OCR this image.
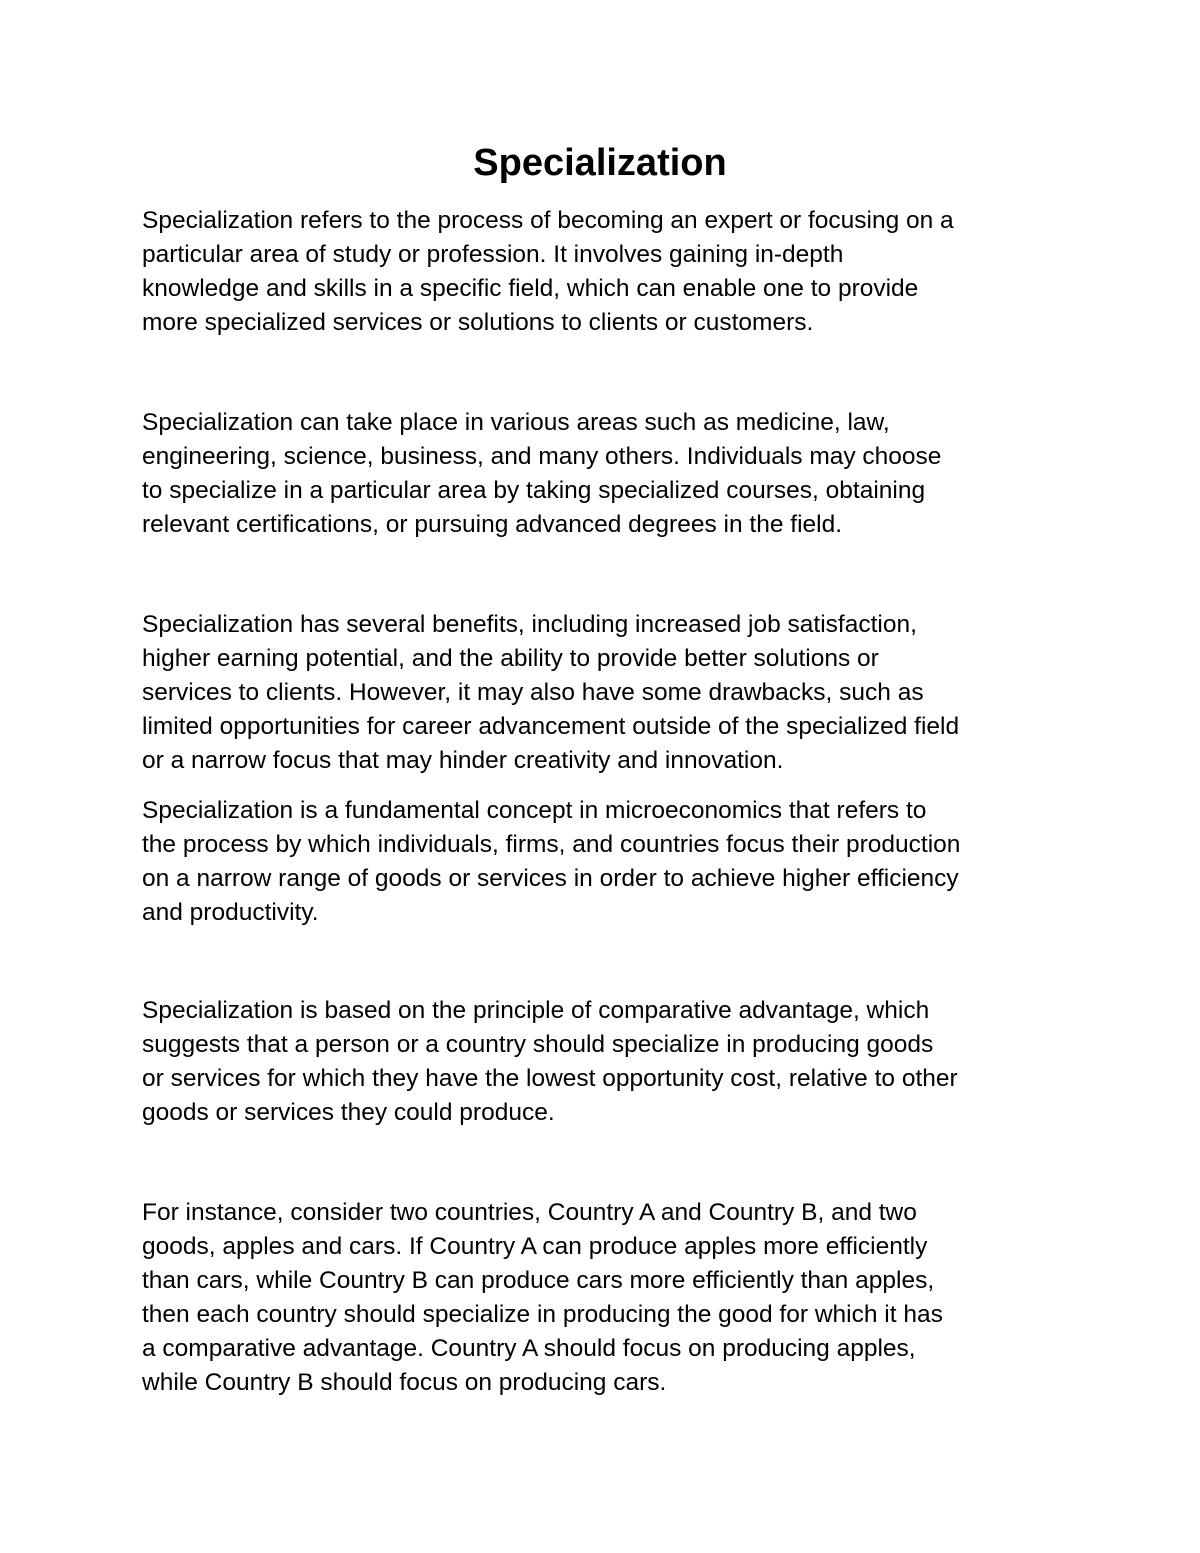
Specialization

Specialization refers to the process of becoming an expert or focusing on a
particular area of study or profession. It involves gaining in-depth
knowledge and skills in a specific field, which can enable one to provide
more specialized services or solutions to clients or customers.

Specialization can take place in various areas such as medicine, law,
engineering, science, business, and many others. Individuals may choose
to specialize in a particular area by taking specialized courses, obtaining
relevant certifications, or pursuing advanced degrees in the field.

Specialization has several benefits, including increased job satisfaction,
higher earning potential, and the ability to provide better solutions or
services to clients. However, it may also have some drawbacks, such as
limited opportunities for career advancement outside of the specialized field
or a narrow focus that may hinder creativity and innovation.

Specialization is a fundamental concept in microeconomics that refers to
the process by which individuals, firms, and countries focus their production
on a narrow range of goods or services in order to achieve higher efficiency
and productivity.

Specialization is based on the principle of comparative advantage, which
suggests that a person or a country should specialize in producing goods
or services for which they have the lowest opportunity cost, relative to other
goods or services they could produce.

For instance, consider two countries, Country A and Country B, and two
goods, apples and cars. If Country A can produce apples more efficiently
than cars, while Country B can produce cars more efficiently than apples,
then each country should specialize in producing the good for which it has
a comparative advantage. Country A should focus on producing apples,
while Country B should focus on producing cars.
